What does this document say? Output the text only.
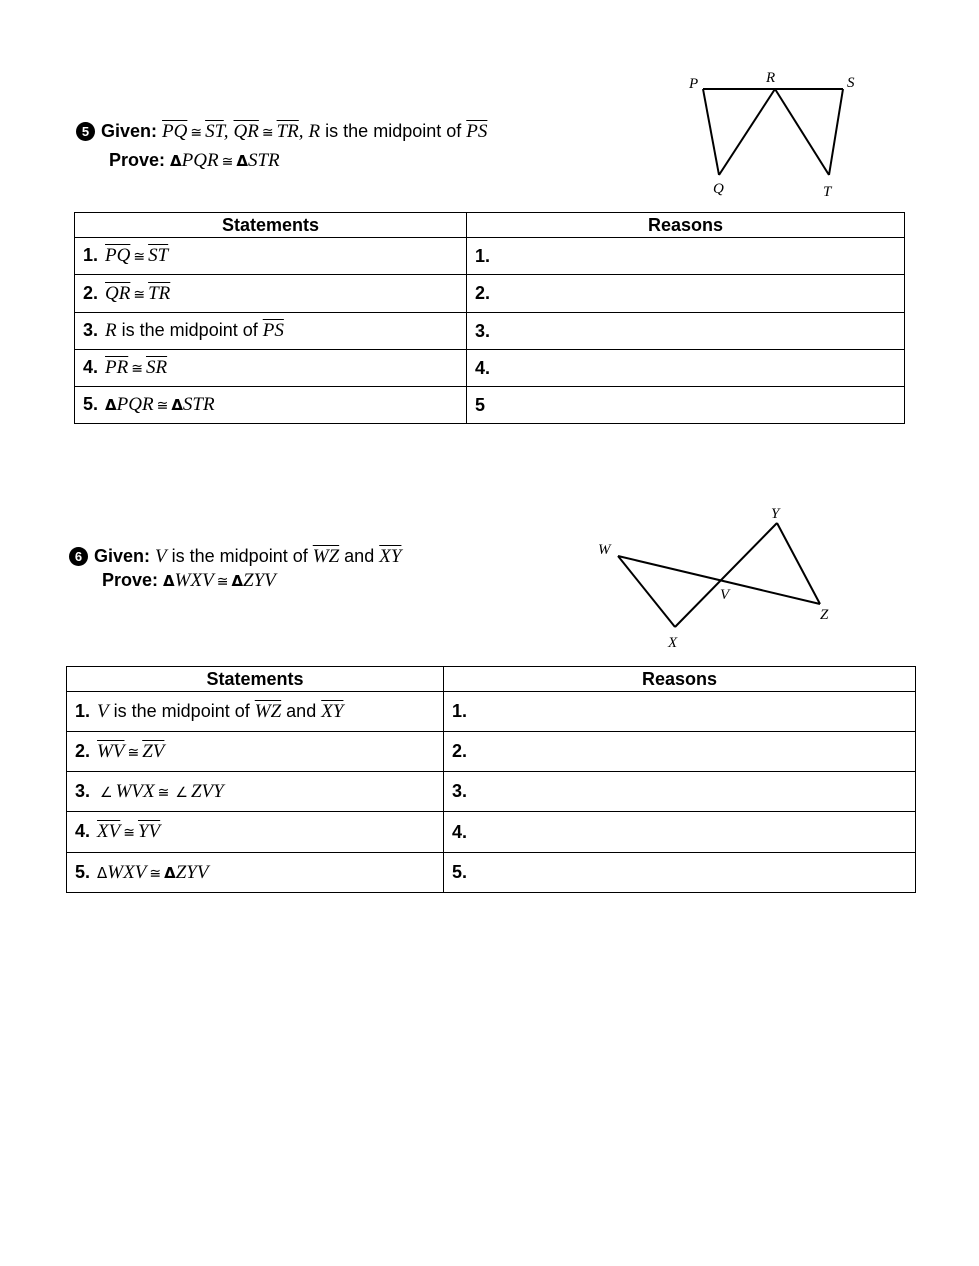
5 Given: $\overline{PQ}$ ≅ $\overline{ST}$, $\overline{QR}$ ≅ $\overline{TR}$, R is the midpoint of $\overline{PS}$
Prove: ΔPQR ≅ ΔSTR
P	R	S
Q	T
Statements	Reasons
1. $\overline{PQ}$ ≅ $\overline{ST}$	1.
2. $\overline{QR}$ ≅ $\overline{TR}$	2.
3. R is the midpoint of $\overline{PS}$	3.
4. $\overline{PR}$ ≅ $\overline{SR}$	4.
5. ΔPQR ≅ ΔSTR	5
6 Given: V is the midpoint of $\overline{WZ}$ and $\overline{XY}$
Prove: ΔWXV ≅ ΔZYV
W
Y
V
Z
X
Statements	Reasons
1. V is the midpoint of $\overline{WZ}$ and $\overline{XY}$	1.
2. $\overline{WV}$ ≅ $\overline{ZV}$	2.
3. ∠ WVX ≅ ∠ ZVY	3.
4. $\overline{XV}$ ≅ $\overline{YV}$	4.
5. ΔWXV ≅ ΔZYV	5.
